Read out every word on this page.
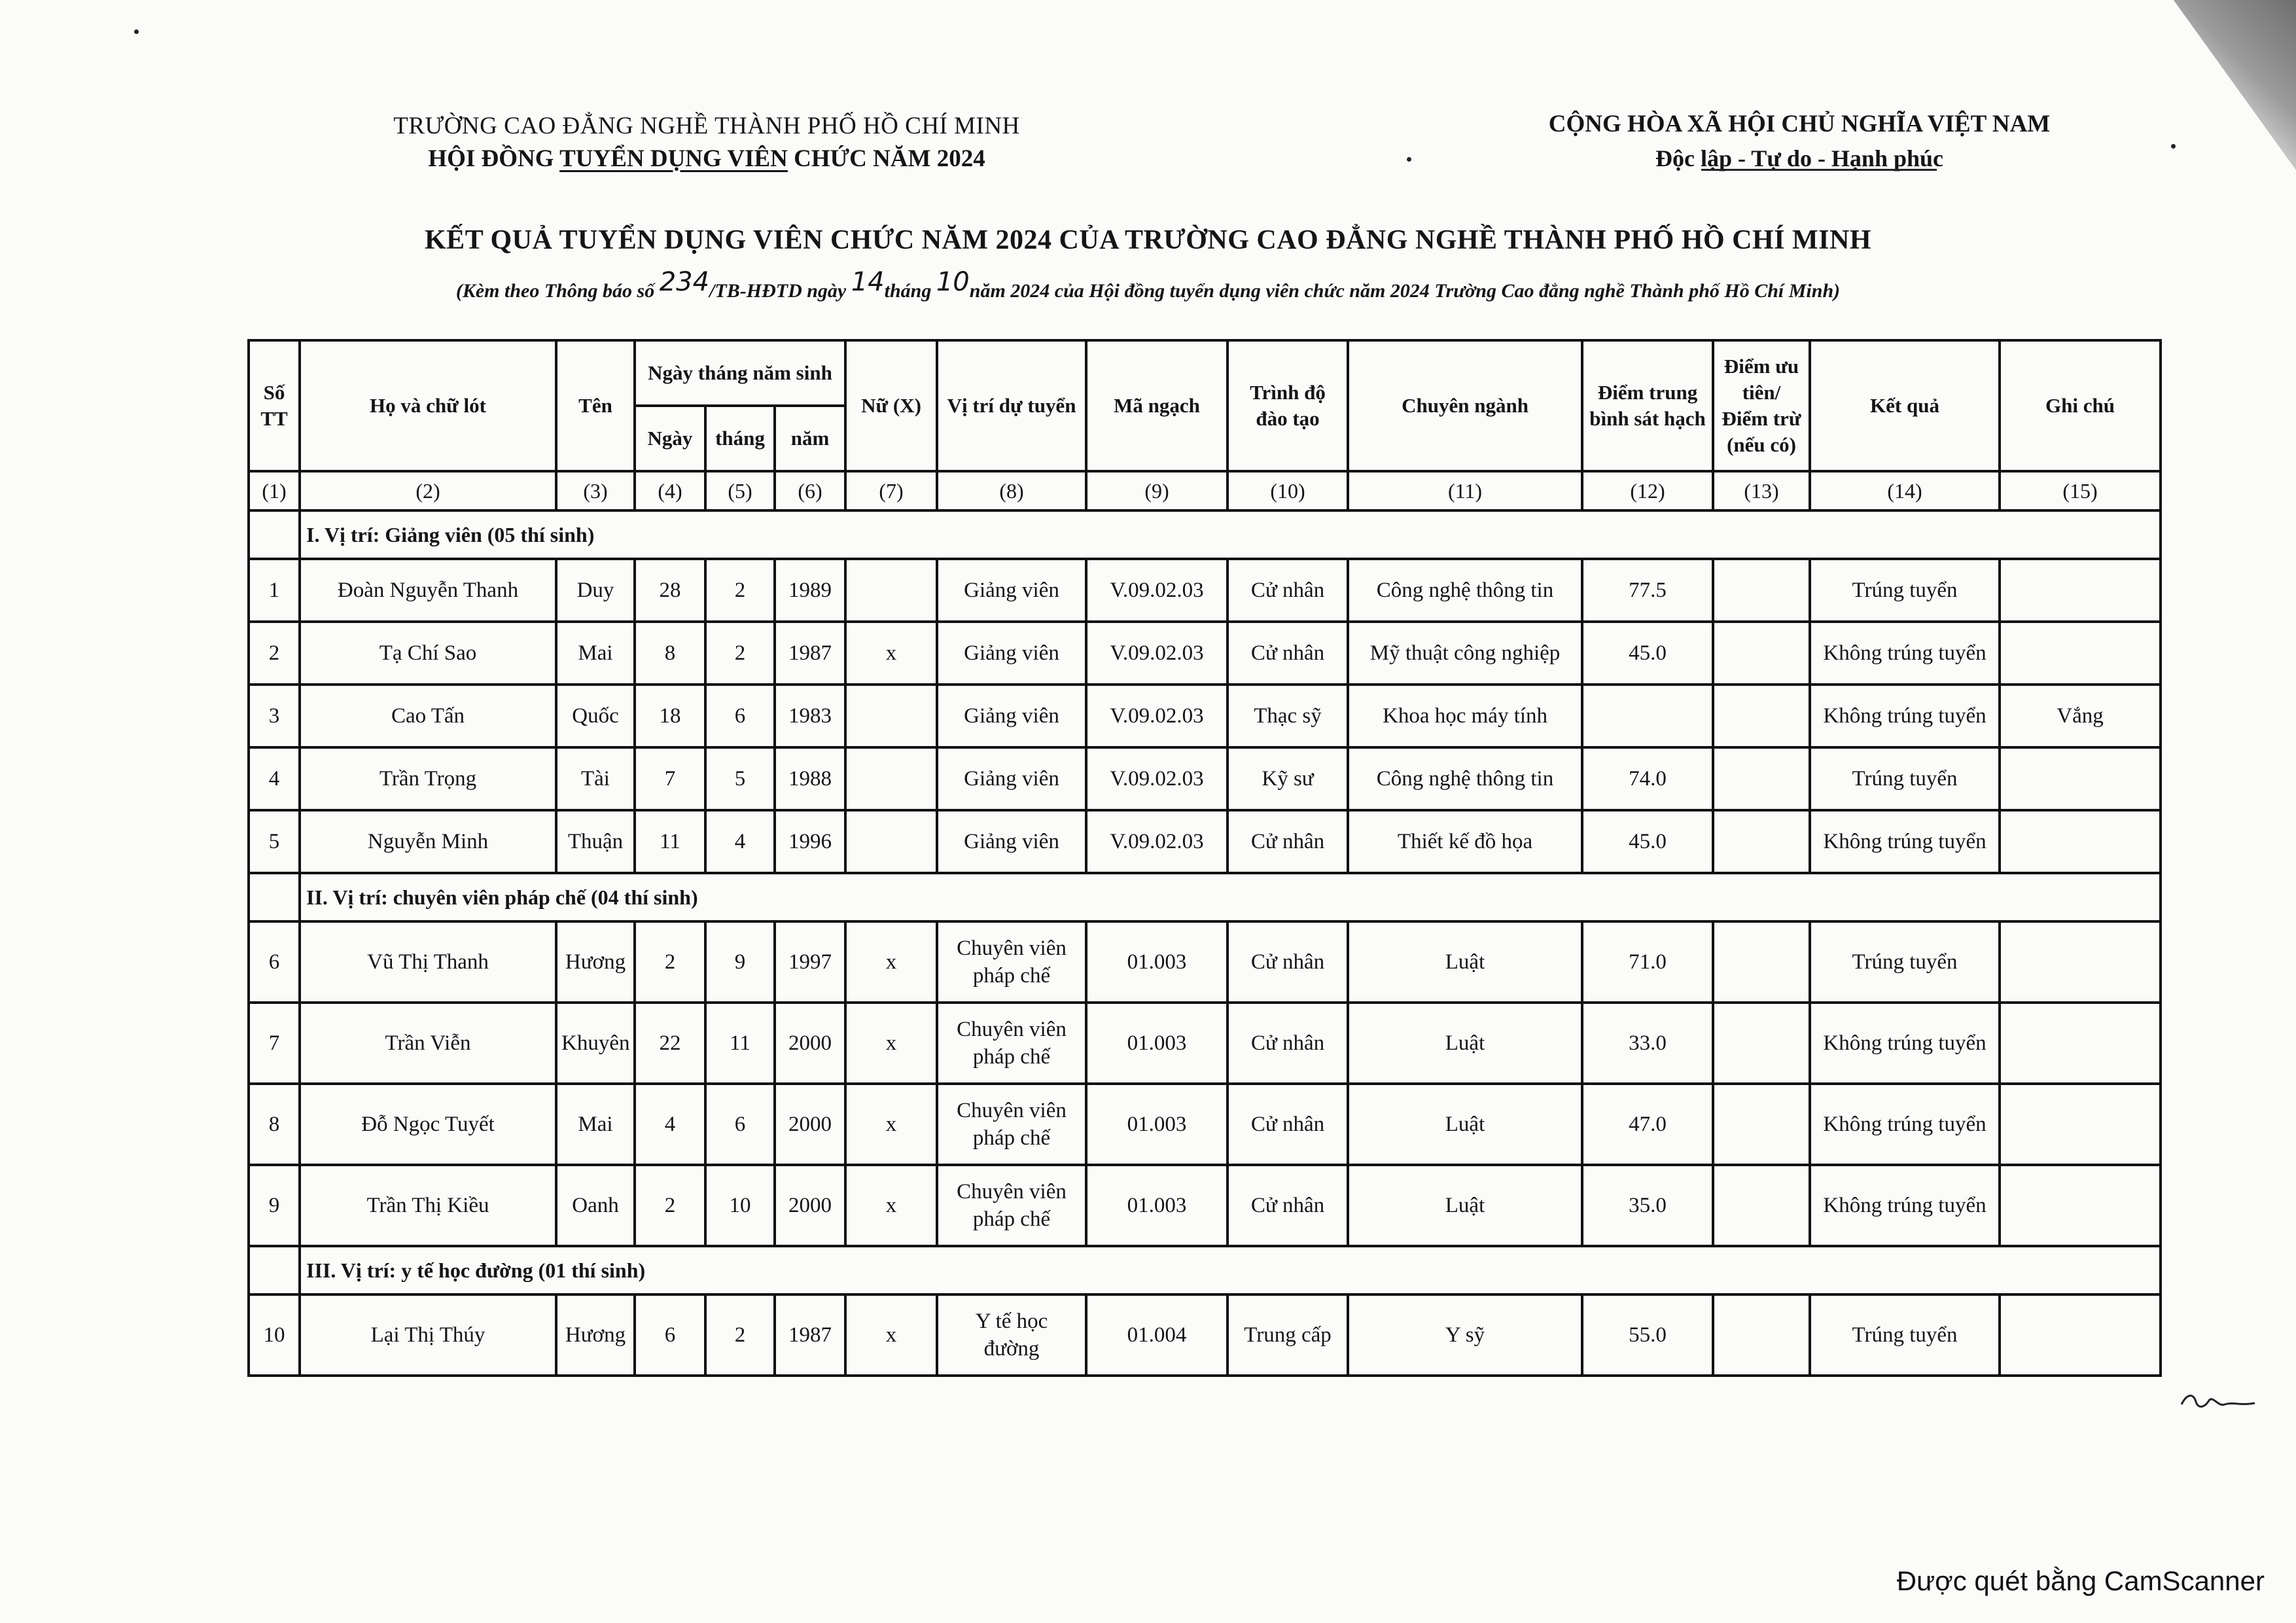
TRƯỜNG CAO ĐẲNG NGHỀ THÀNH PHỐ HỒ CHÍ MINH
HỘI ĐỒNG TUYỂN DỤNG VIÊN CHỨC NĂM 2024
CỘNG HÒA XÃ HỘI CHỦ NGHĨA VIỆT NAM
Độc lập - Tự do - Hạnh phúc
KẾT QUẢ TUYỂN DỤNG VIÊN CHỨC NĂM 2024 CỦA TRƯỜNG CAO ĐẲNG NGHỀ THÀNH PHỐ HỒ CHÍ MINH
(Kèm theo Thông báo số 234/TB-HĐTD ngày 14tháng 10năm 2024 của Hội đồng tuyển dụng viên chức năm 2024 Trường Cao đẳng nghề Thành phố Hồ Chí Minh)
Số TT	Họ và chữ lót	Tên	Ngày tháng năm sinh			Nữ (X)	Vị trí dự tuyển	Mã ngạch	Trình độ đào tạo	Chuyên ngành	Điểm trung bình sát hạch	Điểm ưu tiên/ Điểm trừ (nếu có)	Kết quả	Ghi chú
			Ngày	tháng	năm									
(1)	(2)	(3)	(4)	(5)	(6)	(7)	(8)	(9)	(10)	(11)	(12)	(13)	(14)	(15)
	I. Vị trí: Giảng viên (05 thí sinh)													
1	Đoàn Nguyễn Thanh	Duy	28	2	1989		Giảng viên	V.09.02.03	Cử nhân	Công nghệ thông tin	77.5		Trúng tuyển	
2	Tạ Chí Sao	Mai	8	2	1987	x	Giảng viên	V.09.02.03	Cử nhân	Mỹ thuật công nghiệp	45.0		Không trúng tuyển	
3	Cao Tấn	Quốc	18	6	1983		Giảng viên	V.09.02.03	Thạc sỹ	Khoa học máy tính			Không trúng tuyển	Vắng
4	Trần Trọng	Tài	7	5	1988		Giảng viên	V.09.02.03	Kỹ sư	Công nghệ thông tin	74.0		Trúng tuyển	
5	Nguyễn Minh	Thuận	11	4	1996		Giảng viên	V.09.02.03	Cử nhân	Thiết kế đồ họa	45.0		Không trúng tuyển	
	II. Vị trí: chuyên viên pháp chế (04 thí sinh)													
6	Vũ Thị Thanh	Hương	2	9	1997	x	Chuyên viên
pháp chế	01.003	Cử nhân	Luật	71.0		Trúng tuyển	
7	Trần Viễn	Khuyên	22	11	2000	x	Chuyên viên
pháp chế	01.003	Cử nhân	Luật	33.0		Không trúng tuyển	
8	Đỗ Ngọc Tuyết	Mai	4	6	2000	x	Chuyên viên
pháp chế	01.003	Cử nhân	Luật	47.0		Không trúng tuyển	
9	Trần Thị Kiều	Oanh	2	10	2000	x	Chuyên viên
pháp chế	01.003	Cử nhân	Luật	35.0		Không trúng tuyển	
	III. Vị trí: y tế học đường (01 thí sinh)													
10	Lại Thị Thúy	Hương	6	2	1987	x	Y tế học
đường	01.004	Trung cấp	Y sỹ	55.0		Trúng tuyển	
Được quét bằng CamScanner
